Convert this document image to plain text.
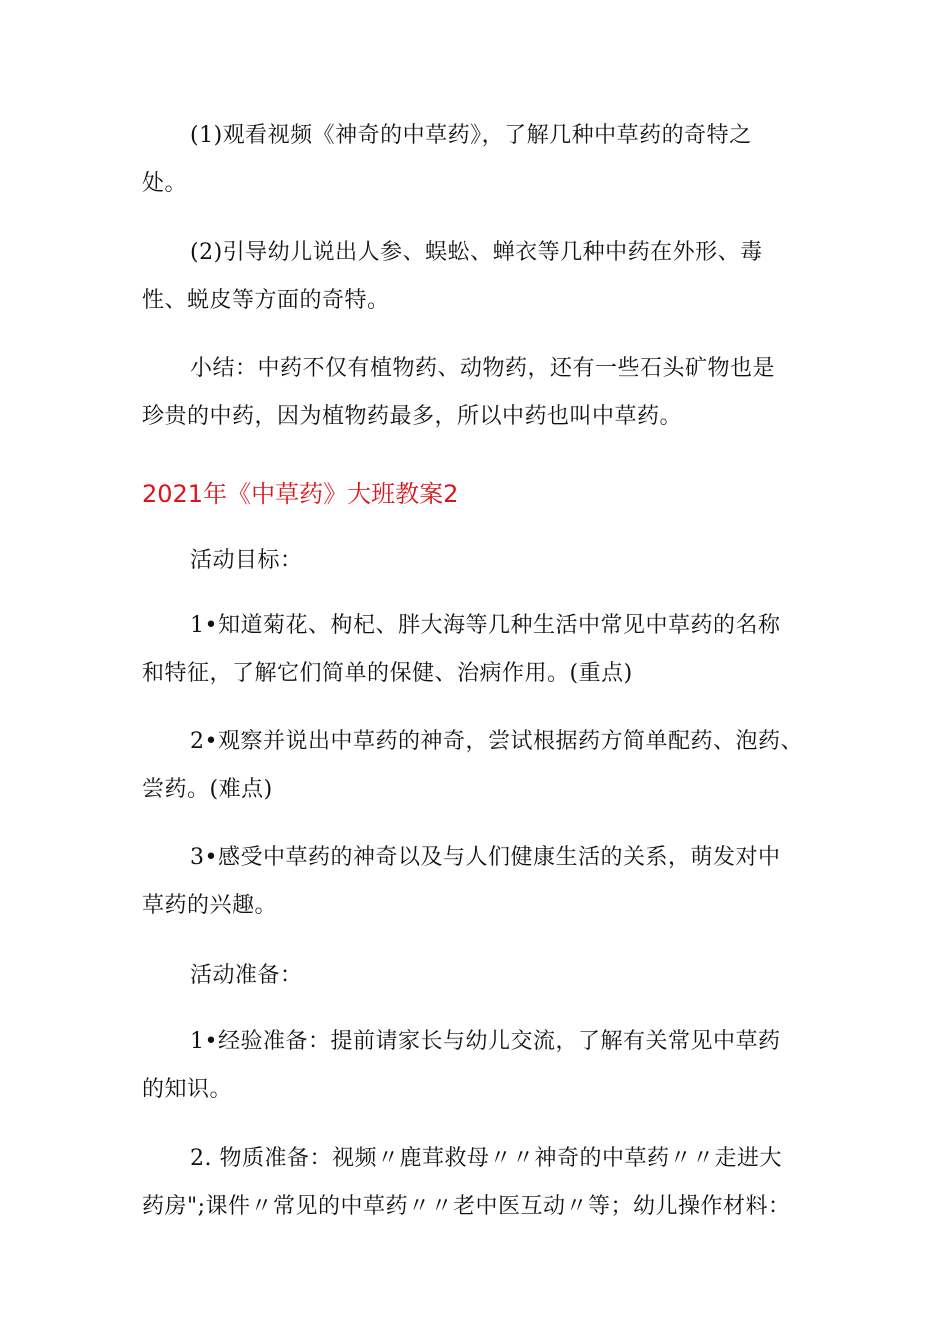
(1)观看视频《神奇的中草药》，了解几种中草药的奇特之
处。

(2)引导幼儿说出人参、蜈蚣、蝉衣等几种中药在外形、毒
性、蜕皮等方面的奇特。

小结：中药不仅有植物药、动物药，还有一些石头矿物也是
珍贵的中药，因为植物药最多，所以中药也叫中草药。

2021年《中草药》大班教案2

活动目标：

1•知道菊花、枸杞、胖大海等几种生活中常见中草药的名称
和特征，了解它们简单的保健、治病作用。(重点)

2•观察并说出中草药的神奇，尝试根据药方简单配药、泡药、
尝药。(难点)

3•感受中草药的神奇以及与人们健康生活的关系，萌发对中
草药的兴趣。

活动准备：

1•经验准备：提前请家长与幼儿交流，了解有关常见中草药
的知识。

2. 物质准备：视频〃鹿茸救母〃〃神奇的中草药〃〃走进大
药房";课件〃常见的中草药〃〃老中医互动〃等；幼儿操作材料：
